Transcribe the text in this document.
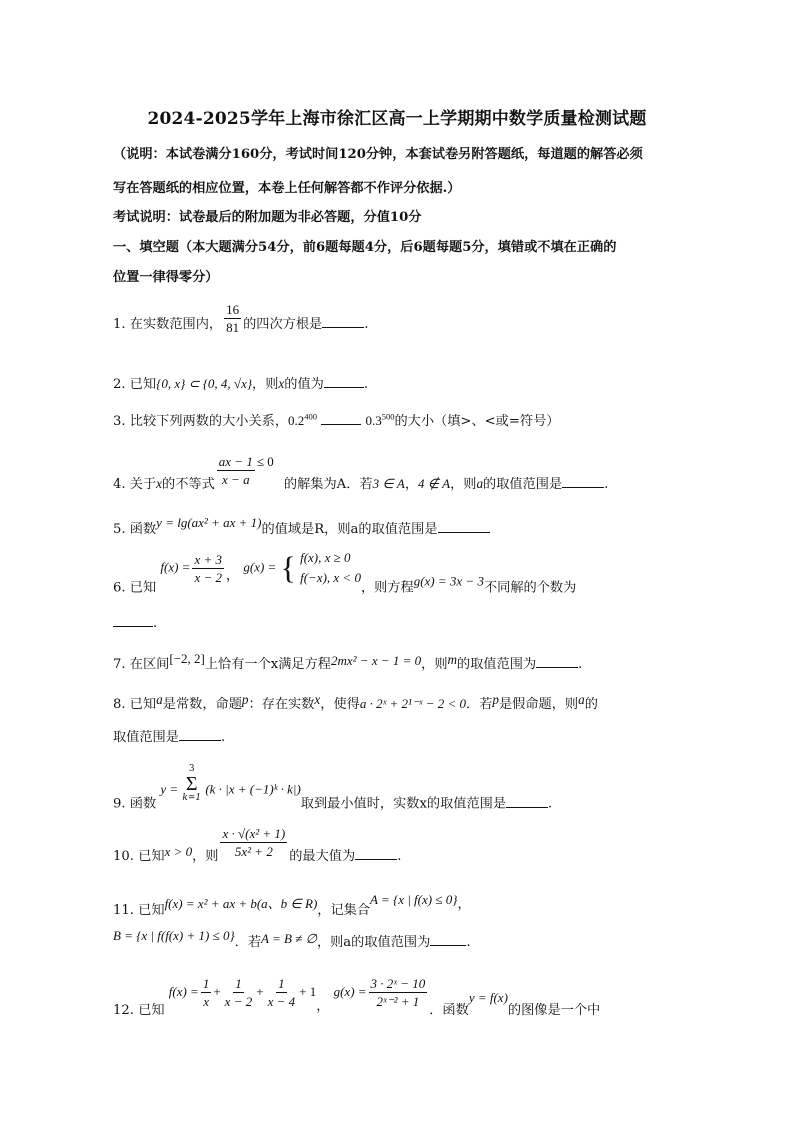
2024-2025学年上海市徐汇区高一上学期期中数学质量检测试题
（说明：本试卷满分160分，考试时间120分钟，本套试卷另附答题纸，每道题的解答必须
写在答题纸的相应位置，本卷上任何解答都不作评分依据.）
考试说明：试卷最后的附加题为非必答题，分值10分
一、填空题（本大题满分54分，前6题每题4分，后6题每题5分，填错或不填在正确的
位置一律得零分）
1. 在实数范围内， $\frac{16}{81}$ 的四次方根是	.
2. 已知{0, x} ⊂ {0, 4, √x}，则x的值为	.
3. 比较下列两数的大小关系，$0.2^{400}$	$0.3^{500}$的大小（填>、<或=符号）
4. 关于x的不等式 $\frac{ax - 1}{x - a} \le 0$ 的解集为A．若3 ∈ A，4 ∉ A，则a的取值范围是	.
5. 函数y = lg(ax² + ax + 1)的值域是R，则a的取值范围是
6. 已知 $f(x) = \frac{x + 3}{x - 2}$ ， g(x) = { f(x), x ≥ 0
f(−x), x < 0
，则方程g(x) = 3x − 3不同解的个数为
.
7. 在区间[−2, 2]上恰有一个x满足方程2mx² − x − 1 = 0，则m的取值范围为	.
8. 已知a是常数，命题p：存在实数x，使得a · 2ˣ + 2¹⁻ˣ − 2 < 0．若p是假命题，则a的
取值范围是	.
9. 函数 y =
3
Σ
k=1
(k · |x + (−1)ᵏ · k|)取到最小值时，实数x的取值范围是	.
10. 已知x > 0，则 $\frac{\text{x · √(x² + 1)}}{\text{5x² + 2}}$ 的最大值为	.
11. 已知f(x) = x² + ax + b(a、b ∈ R)，记集合A = {x | f(x) ≤ 0}，
B = {x | f(f(x) + 1) ≤ 0}．若A = B ≠ ∅，则a的取值范围为	.
12. 已知 $f(x) = \frac{1}{x} + \frac{1}{x - 2} + \frac{1}{x - 4} + 1$， $g(x) = \frac{\text{3 · 2ˣ − 10}}{\text{2ˣ⁻² + 1}}$
．函数y = f(x)的图像是一个中
